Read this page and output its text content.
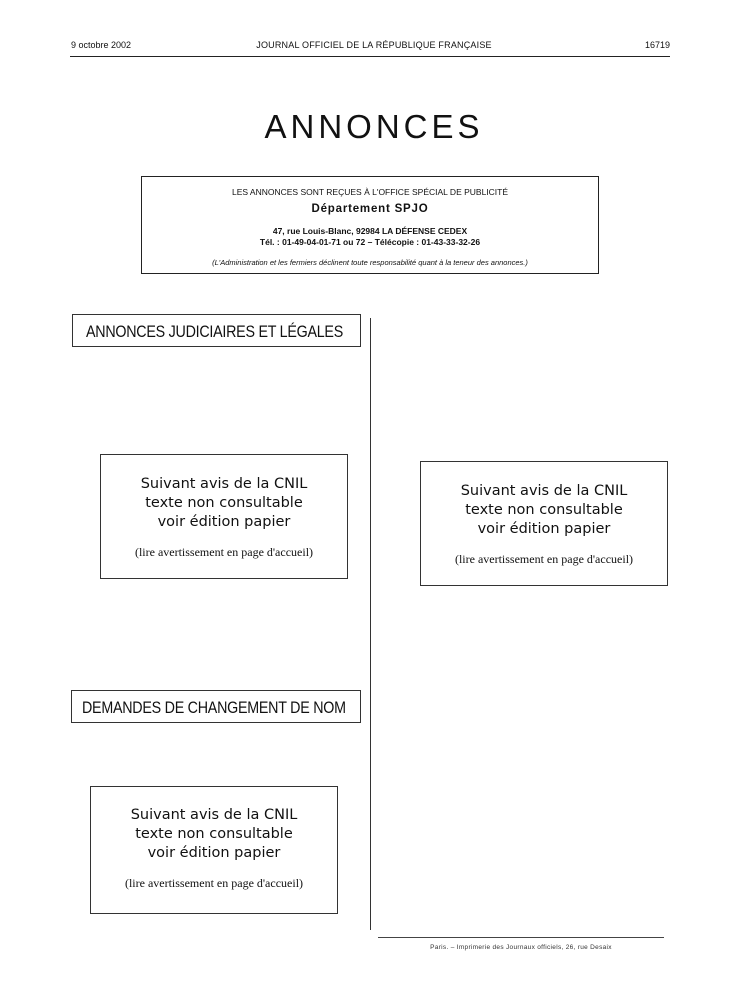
9 octobre 2002	JOURNAL OFFICIEL DE LA RÉPUBLIQUE FRANÇAISE	16719
ANNONCES
LES ANNONCES SONT REÇUES À L'OFFICE SPÉCIAL DE PUBLICITÉ
Département SPJO
47, rue Louis-Blanc, 92984 LA DÉFENSE CEDEX
Tél. : 01-49-04-01-71 ou 72 – Télécopie : 01-43-33-32-26
(L'Administration et les fermiers déclinent toute responsabilité quant à la teneur des annonces.)
ANNONCES JUDICIAIRES ET LÉGALES
Suivant avis de la CNIL
texte non consultable
voir édition papier
(lire avertissement en page d'accueil)
Suivant avis de la CNIL
texte non consultable
voir édition papier
(lire avertissement en page d'accueil)
DEMANDES DE CHANGEMENT DE NOM
Suivant avis de la CNIL
texte non consultable
voir édition papier
(lire avertissement en page d'accueil)
Paris. – Imprimerie des Journaux officiels, 26, rue Desaix
